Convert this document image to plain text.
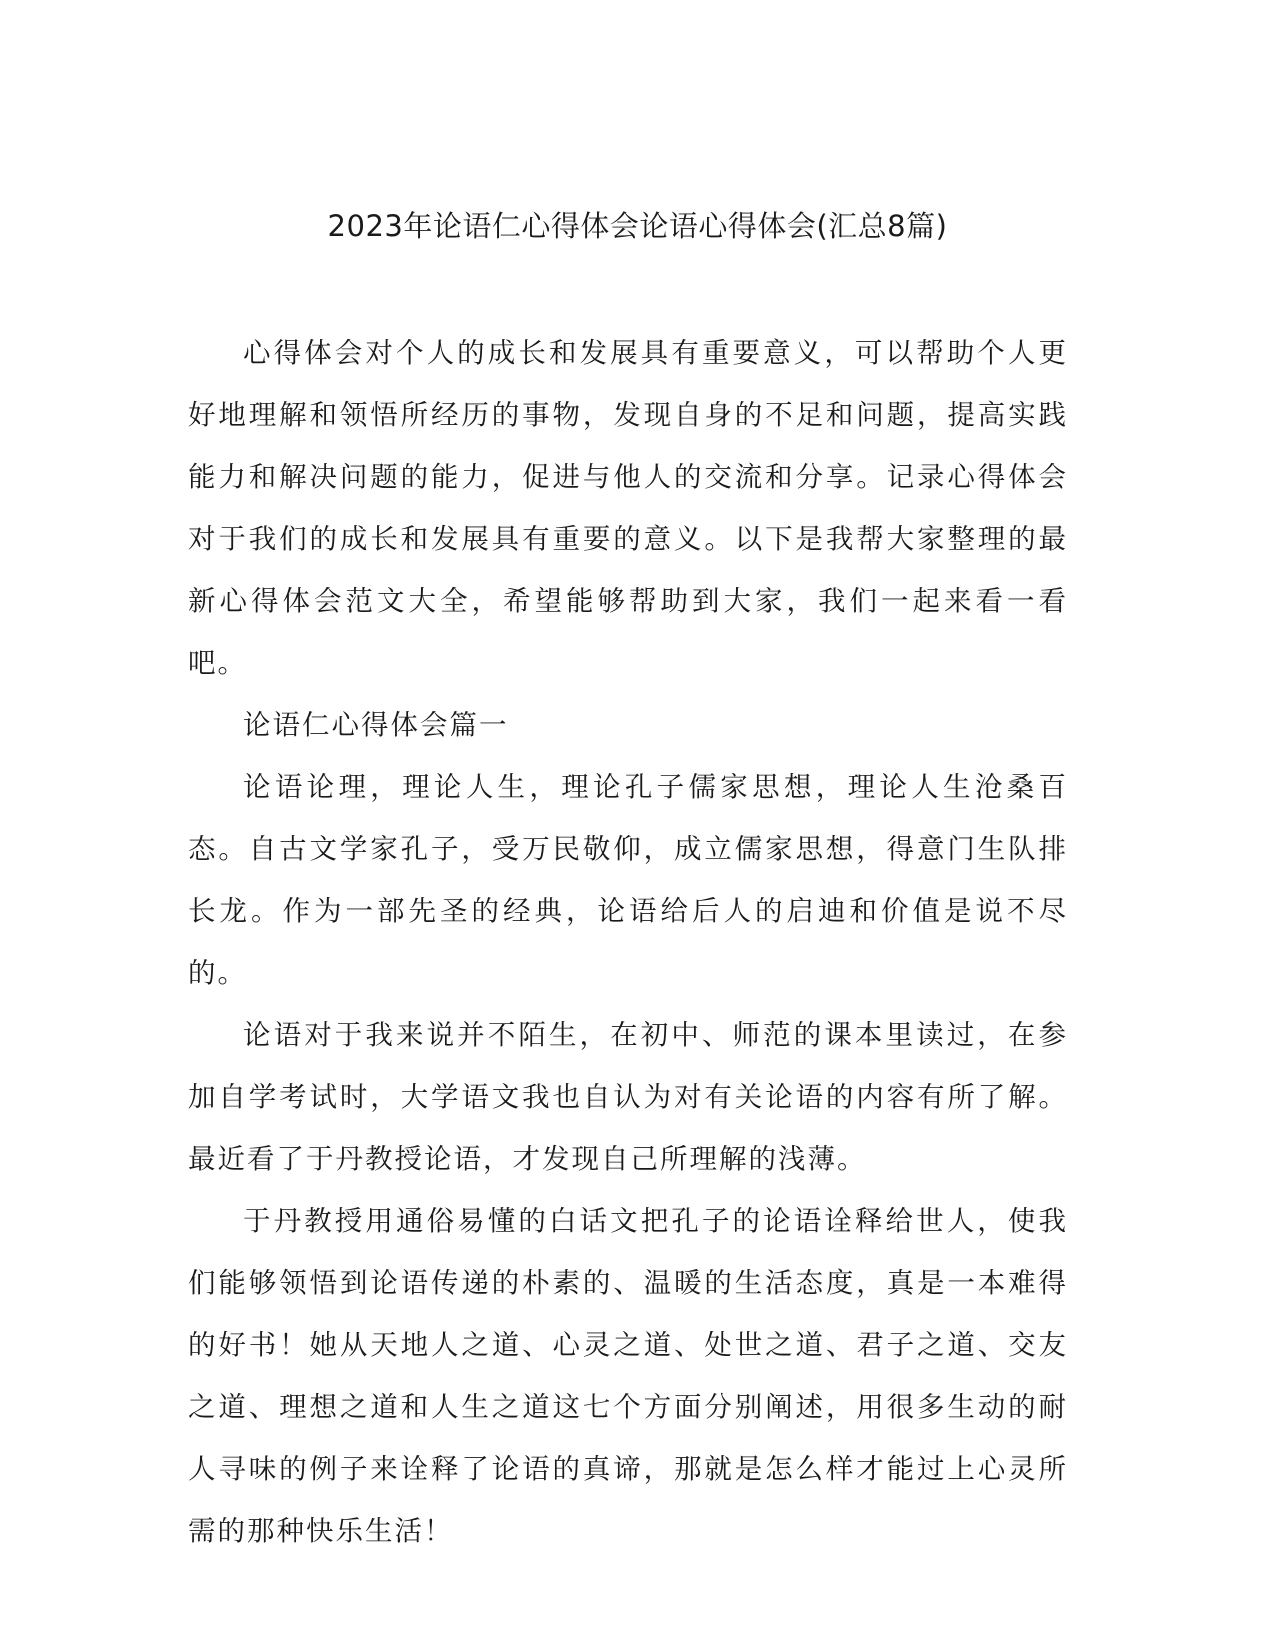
2023年论语仁心得体会论语心得体会(汇总8篇)

心得体会对个人的成长和发展具有重要意义，可以帮助个人更好地理解和领悟所经历的事物，发现自身的不足和问题，提高实践能力和解决问题的能力，促进与他人的交流和分享。记录心得体会对于我们的成长和发展具有重要的意义。以下是我帮大家整理的最新心得体会范文大全，希望能够帮助到大家，我们一起来看一看吧。

论语仁心得体会篇一

论语论理，理论人生，理论孔子儒家思想，理论人生沧桑百态。自古文学家孔子，受万民敬仰，成立儒家思想，得意门生队排长龙。作为一部先圣的经典，论语给后人的启迪和价值是说不尽的。

论语对于我来说并不陌生，在初中、师范的课本里读过，在参加自学考试时，大学语文我也自认为对有关论语的内容有所了解。最近看了于丹教授论语，才发现自己所理解的浅薄。

于丹教授用通俗易懂的白话文把孔子的论语诠释给世人，使我们能够领悟到论语传递的朴素的、温暖的生活态度，真是一本难得的好书！她从天地人之道、心灵之道、处世之道、君子之道、交友之道、理想之道和人生之道这七个方面分别阐述，用很多生动的耐人寻味的例子来诠释了论语的真谛，那就是怎么样才能过上心灵所需的那种快乐生活！
